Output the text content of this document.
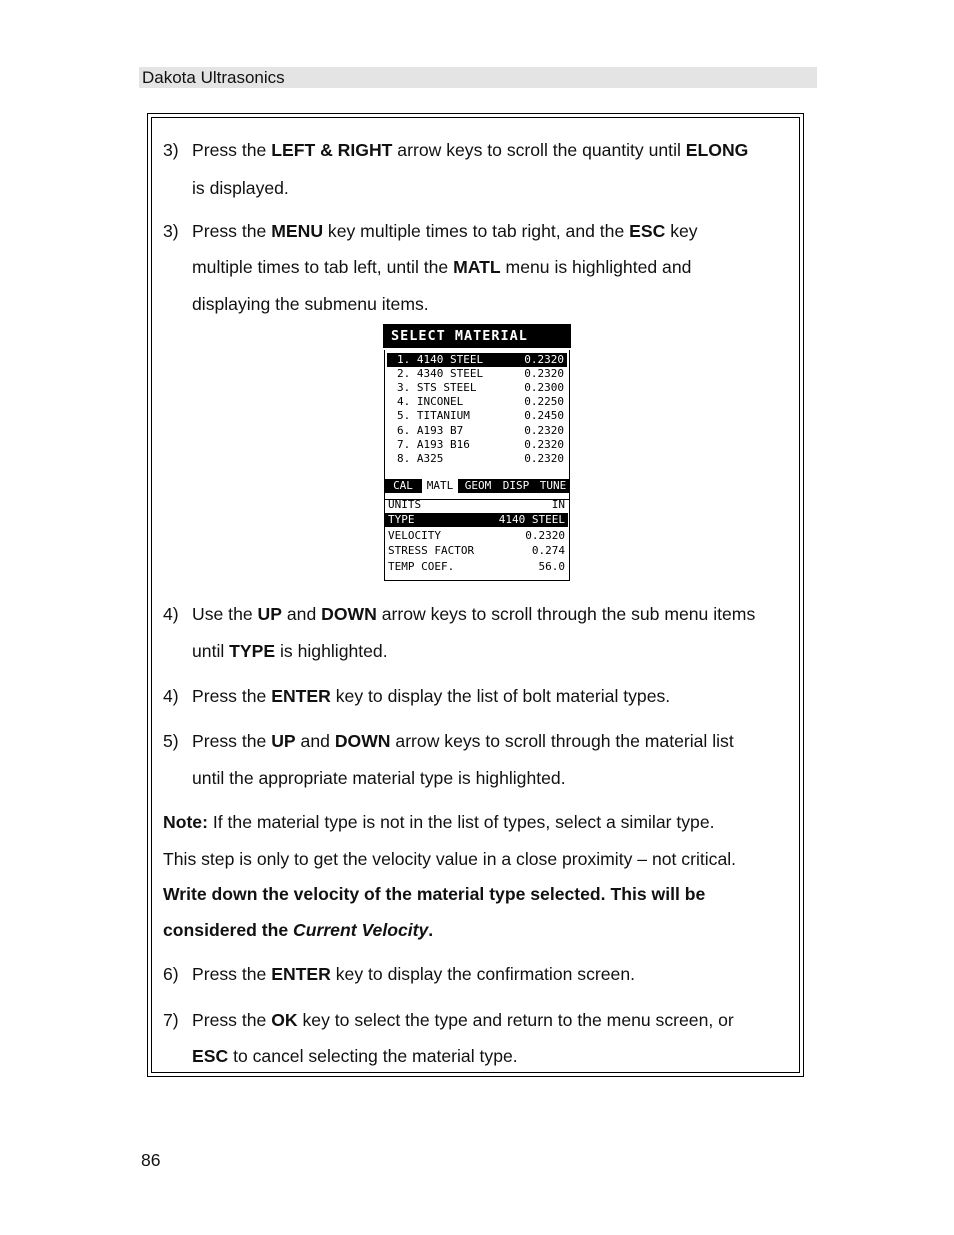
Dakota Ultrasonics
3) Press the LEFT & RIGHT arrow keys to scroll the quantity until ELONG
is displayed.
3) Press the MENU key multiple times to tab right, and the ESC key
multiple times to tab left, until the MATL menu is highlighted and
displaying the submenu items.
4) Use the UP and DOWN arrow keys to scroll through the sub menu items
until TYPE is highlighted.
4) Press the ENTER key to display the list of bolt material types.
5) Press the UP and DOWN arrow keys to scroll through the material list
until the appropriate material type is highlighted.
6) Press the ENTER key to display the confirmation screen.
7) Press the OK key to select the type and return to the menu screen, or
ESC to cancel selecting the material type.
SELECT MATERIAL
1. 4140 STEEL	0.2320
2. 4340 STEEL	0.2320
3. STS STEEL	0.2300
4. INCONEL	0.2250
5. TITANIUM	0.2450
6. A193 B7	0.2320
7. A193 B16	0.2320
8. A325	0.2320
CAL	MATL	GEOM	DISP TUNE
UNITS	IN
TYPE	4140 STEEL
VELOCITY	0.2320
STRESS FACTOR	0.274
TEMP COEF.	56.0
Note: If the material type is not in the list of types, select a similar type.
This step is only to get the velocity value in a close proximity – not critical.
Write down the velocity of the material type selected. This will be
considered the Current Velocity.
86
